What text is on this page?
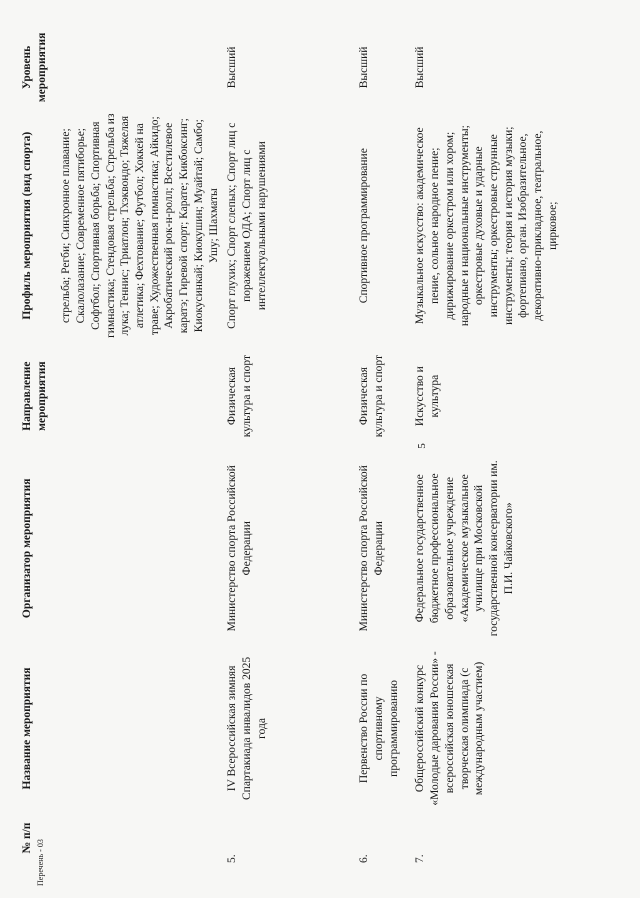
№ п/п	Название мероприятия	Организатор мероприятия	Направление мероприятия	Профиль мероприятия (вид спорта)	Уровень мероприятия
				стрельба; Регби; Синхронное плавание; Скалолазание; Современное пятиборье; Софтбол; Спортивная борьба; Спортивная гимнастика; Стендовая стрельба; Стрельба из лука; Теннис; Триатлон; Тхэквондо; Тяжелая атлетика; Фехтование; Футбол; Хоккей на траве; Художественная гимнастика; Айкидо; Акробатический рок-н-ролл; Всестилевое каратэ; Гиревой спорт; Карате; Кикбоксинг; Киокусинкай; Киокушин; Муайтай; Самбо; Ушу; Шахматы	
5.	IV Всероссийская зимняя Спартакиада инвалидов 2025 года	Министерство спорта Российской Федерации	Физическая культура и спорт	Спорт глухих; Спорт слепых; Спорт лиц с поражением ОДА; Спорт лиц с интеллектуальными нарушениями	Высший
6.	Первенство России по спортивному программированию	Министерство спорта Российской Федерации	Физическая культура и спорт	Спортивное программирование	Высший
7.	Общероссийский конкурс «Молодые дарования России» - всероссийская юношеская творческая олимпиада (с международным участием)	Федеральное государственное бюджетное профессиональное образовательное учреждение «Академическое музыкальное училище при Московской государственной консерватории им. П.И. Чайковского»	Искусство и культура	Музыкальное искусство: академическое пение, сольное народное пение; дирижирование оркестром или хором; народные и национальные инструменты; оркестровые духовые и ударные инструменты; оркестровые струнные инструменты; теория и история музыки; фортепиано, орган. Изобразительное, декоративно-прикладное, театральное, цирковое;	Высший
5
Перечень - 03
